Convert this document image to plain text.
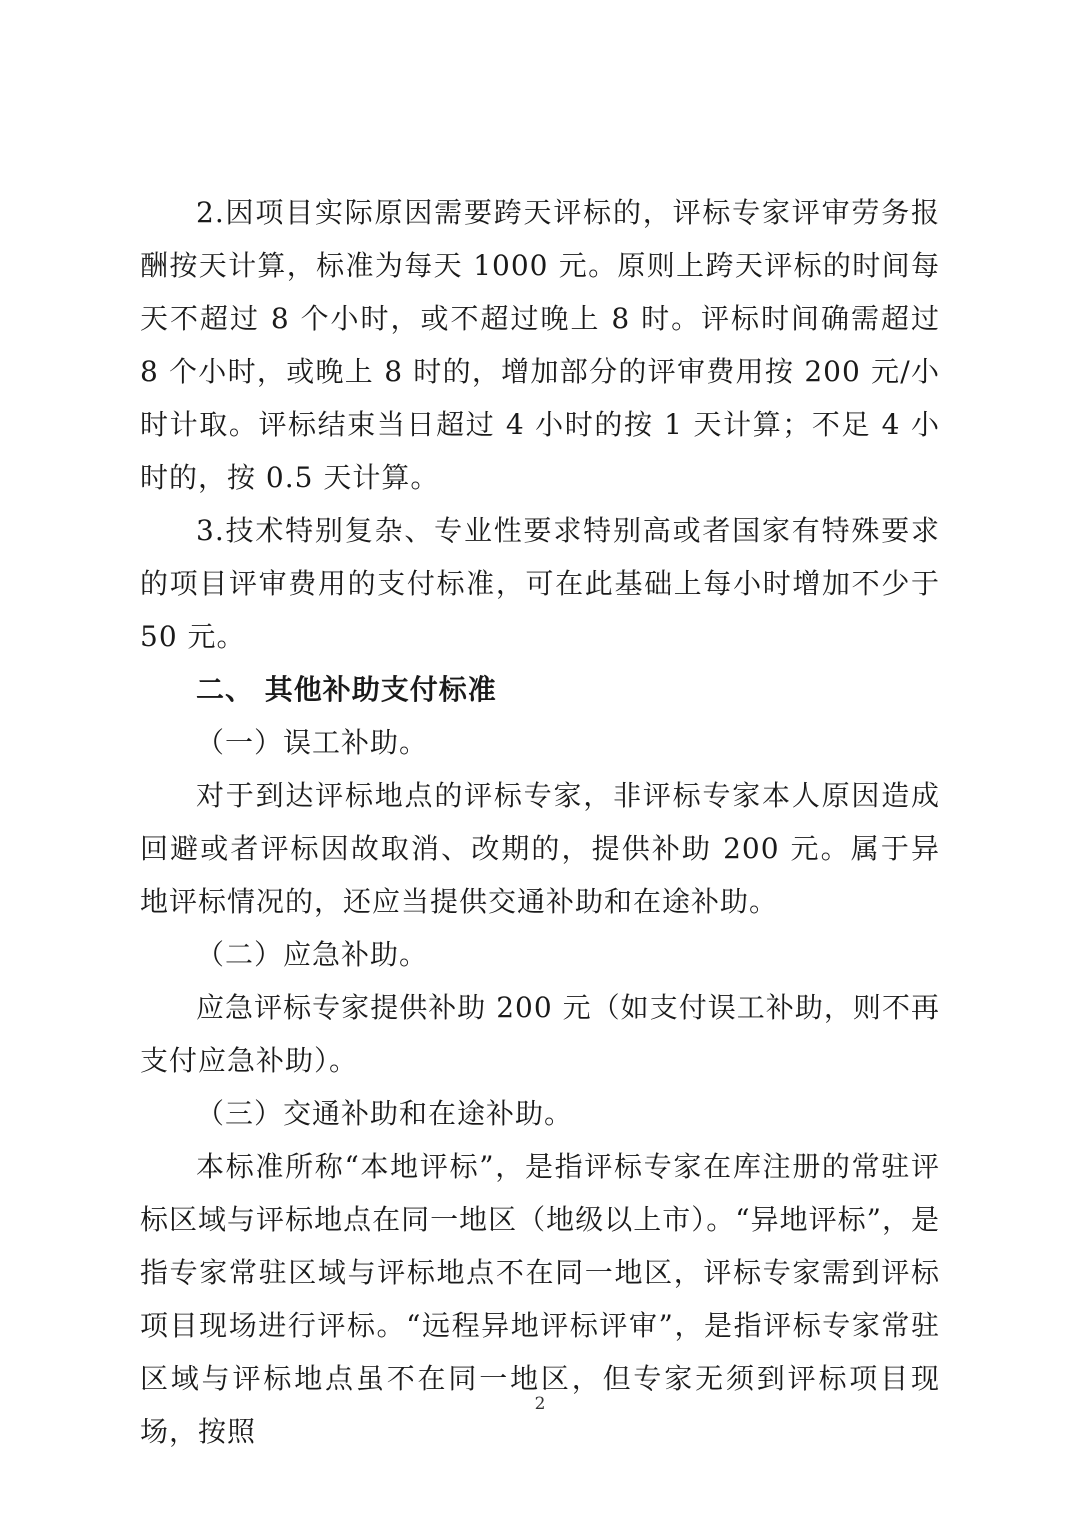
2.因项目实际原因需要跨天评标的，评标专家评审劳务报酬按天计算，标准为每天 1000 元。原则上跨天评标的时间每天不超过 8 个小时，或不超过晚上 8 时。评标时间确需超过 8 个小时，或晚上 8 时的，增加部分的评审费用按 200 元/小时计取。评标结束当日超过 4 小时的按 1 天计算；不足 4 小时的，按 0.5 天计算。

3.技术特别复杂、专业性要求特别高或者国家有特殊要求的项目评审费用的支付标准，可在此基础上每小时增加不少于 50 元。

二、 其他补助支付标准

（一）误工补助。

对于到达评标地点的评标专家，非评标专家本人原因造成回避或者评标因故取消、改期的，提供补助 200 元。属于异地评标情况的，还应当提供交通补助和在途补助。

（二）应急补助。

应急评标专家提供补助 200 元（如支付误工补助，则不再支付应急补助）。

（三）交通补助和在途补助。

本标准所称“本地评标”，是指评标专家在库注册的常驻评标区域与评标地点在同一地区（地级以上市）。“异地评标”，是指专家常驻区域与评标地点不在同一地区，评标专家需到评标项目现场进行评标。“远程异地评标评审”，是指评标专家常驻区域与评标地点虽不在同一地区，但专家无须到评标项目现场，按照

2
